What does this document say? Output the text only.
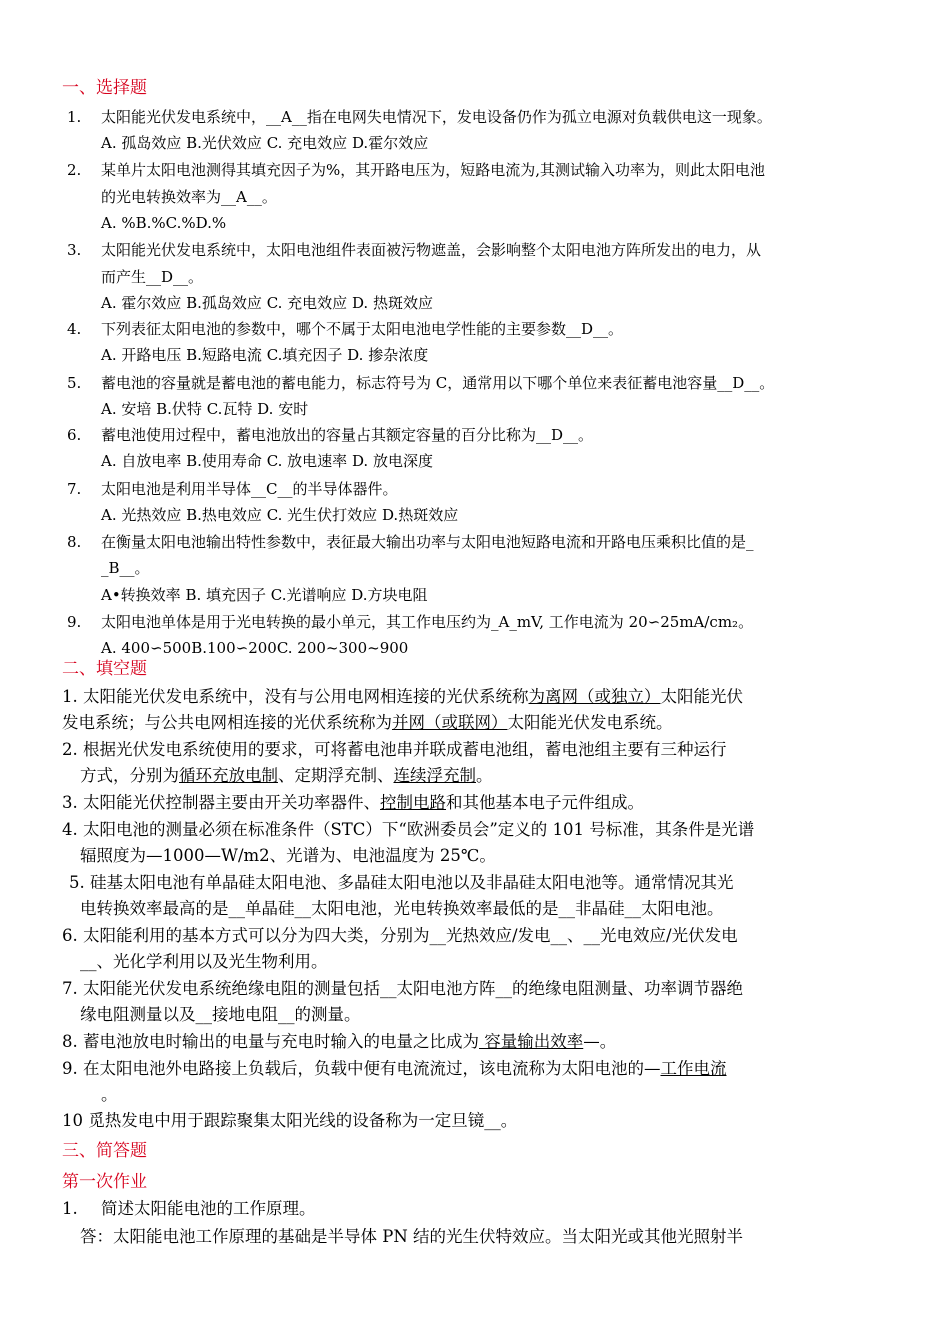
一、选择题
1. 太阳能光伏发电系统中，__A__指在电网失电情况下，发电设备仍作为孤立电源对负载供电这一现象。
A. 孤岛效应 B.光伏效应 C. 充电效应 D.霍尔效应
2. 某单片太阳电池测得其填充因子为%，其开路电压为，短路电流为,其测试输入功率为，则此太阳电池
的光电转换效率为__A__。
A. %B.%C.%D.%
3. 太阳能光伏发电系统中，太阳电池组件表面被污物遮盖，会影响整个太阳电池方阵所发出的电力，从
而产生__D__。
A. 霍尔效应 B.孤岛效应 C. 充电效应 D. 热斑效应
4. 下列表征太阳电池的参数中，哪个不属于太阳电池电学性能的主要参数__D__。
A. 开路电压 B.短路电流 C.填充因子 D. 掺杂浓度
5. 蓄电池的容量就是蓄电池的蓄电能力，标志符号为 C，通常用以下哪个单位来表征蓄电池容量__D__。
A. 安培 B.伏特 C.瓦特 D. 安时
6. 蓄电池使用过程中，蓄电池放出的容量占其额定容量的百分比称为__D__。
A. 自放电率 B.使用寿命 C. 放电速率 D. 放电深度
7. 太阳电池是利用半导体__C__的半导体器件。
A. 光热效应 B.热电效应 C. 光生伏打效应 D.热斑效应
8. 在衡量太阳电池输出特性参数中，表征最大输出功率与太阳电池短路电流和开路电压乘积比值的是_
_B__。
A•转换效率 B. 填充因子 C.光谱响应 D.方块电阻
9. 太阳电池单体是用于光电转换的最小单元，其工作电压约为_A_mV, 工作电流为 20∽25mA/cm₂。
A. 400∽500B.100∽200C. 200~300~900
二、填空题
1. 太阳能光伏发电系统中，没有与公用电网相连接的光伏系统称为离网（或独立）太阳能光伏
发电系统；与公共电网相连接的光伏系统称为并网（或联网）太阳能光伏发电系统。
2. 根据光伏发电系统使用的要求，可将蓄电池串并联成蓄电池组，蓄电池组主要有三种运行
方式，分别为循环充放电制、定期浮充制、连续浮充制。
3. 太阳能光伏控制器主要由开关功率器件、控制电路和其他基本电子元件组成。
4. 太阳电池的测量必须在标准条件（STC）下“欧洲委员会”定义的 101 号标准，其条件是光谱
辐照度为—1000—W/m2、光谱为、电池温度为 25℃。
5. 硅基太阳电池有单晶硅太阳电池、多晶硅太阳电池以及非晶硅太阳电池等。通常情况其光
电转换效率最高的是__单晶硅__太阳电池，光电转换效率最低的是__非晶硅__太阳电池。
6. 太阳能利用的基本方式可以分为四大类，分别为__光热效应/发电__、__光电效应/光伏发电
__、光化学利用以及光生物利用。
7. 太阳能光伏发电系统绝缘电阻的测量包括__太阳电池方阵__的绝缘电阻测量、功率调节器绝
缘电阻测量以及__接地电阻__的测量。
8. 蓄电池放电时输出的电量与充电时输入的电量之比成为 容量输出效率—。
9. 在太阳电池外电路接上负载后，负载中便有电流流过，该电流称为太阳电池的—工作电流
。
10 觅热发电中用于跟踪聚集太阳光线的设备称为一定旦镜__。
三、简答题
第一次作业
1. 简述太阳能电池的工作原理。
答：太阳能电池工作原理的基础是半导体 PN 结的光生伏特效应。当太阳光或其他光照射半
